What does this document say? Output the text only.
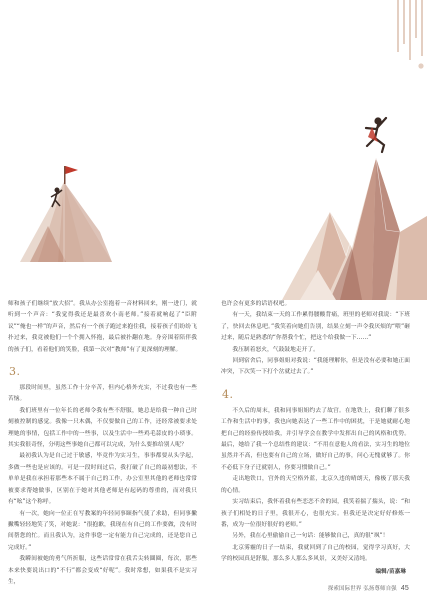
师和孩子们继续“放大招”。我从办公室抱着一音材料回来，刚一进门，就听到一个声音：“我觉得我还是最喜欢小南老师。”接着就响起了“臣附议”“俺也一样”的声音，然后有一个孩子跑过来抱住我，接着孩子们纷纷飞扑过来，我竟被他们一个个拥入怀抱，最后被扑翻在地。身旁围着陪伴我的孩子们，看着他们的笑脸，我第一次对“教师”有了更深刻的理解。

3.

那段时间里，虽然工作十分辛苦，但内心格外充实，不过我也有一些苦恼。

我们班里有一位年长的老师令我有些不舒服，她总是给我一种自己时刻被控制的感觉。我像一只木偶，不仅要做自己的工作，还经常被要求处理她的事情，包括工作中的一些事，以及生活中一些鸡毛蒜皮的小琐事。其实我很奇怪，分明这些事她自己都可以完成，为什么要推给别人呢？

最初我认为是自己过于敏感，毕竟作为实习生，事事都要从头学起，多做一些也是应该的。可是一段时间过后，我打破了自己的最初想法，不单单是我在承担着那些本不属于自己的工作，办公室里其他的老师也常常被要求帮她做事，区别在于她对其他老师是有起码的尊重的，而对我只有“吆”这个称呼。

有一次，她向一位正在写教案的年轻同事颐指气使了求助，但同事撇撇嘴轻轻地笑了笑，对她说：“很抱歉，我现在有自己的工作要做，没有时间帮您的忙。而且我认为，这件事您一定有能力自己完成的，还是您自己完成好。”

我瞬间被她的勇气所折服，这些话常常在我舌尖转圜圈，每次，那些本来快要说出口的“不行”都会变成“好呢”。我时常想，如果我不是实习生，

也许会有更多的话语权吧。

有一天，我结束一天的工作累得腰酸背痛，班里的老师对我说：“下班了，快回去休息吧。”我笑着向她们告别，结果立刻一声令我厌烦的“喂”砸过来，随后是熟悉的“你帮我个忙，把这个给我做一下……”

我压制着怒火，气鼓鼓地走开了。

回到宿舍后，同事姐姐对我说：“我能理解你，但是没有必要和她正面冲突，下次笑一下打个岔就过去了。”

4.

不久后的周末，我和同事姐姐约去了故宫。在地铁上，我们聊了很多工作和生活中的事，我也向她表达了一些工作中的困扰，于是她就耐心地把自己的经验传授给我，并引导学会在教学中发挥出自己的风格和优势。最后，她给了我一个总结性的建议：“不用在意他人的看法，实习生的地位虽然并不高，但也要有自己的立场，做好自己的事，问心无愧就够了。你不必低下身子迁就别人，你要习惯做自己。”

走出地铁口，宫外的天空格外蓝，北京久违的晴朗天，像极了那天我的心情。

实习结束后，我怀着我有些恋恋不舍的园，我笑着揣了揣头，说：“和孩子们相处的日子里，我很开心，也很充实。但我还是决定好好修炼一番，成为一位很好很好的老师。”

另外，我在心里偷偷自己一句话：能够做自己，真的很“飒”！

北京雾霾的日子一结束，我就回到了自己的校园，觉得学习真好，大学的校园真是舒服，那么多人那么多风景，又美好又清纯。

编辑/苗嘉琳
探索国际世界 弘扬尊师自强 45
